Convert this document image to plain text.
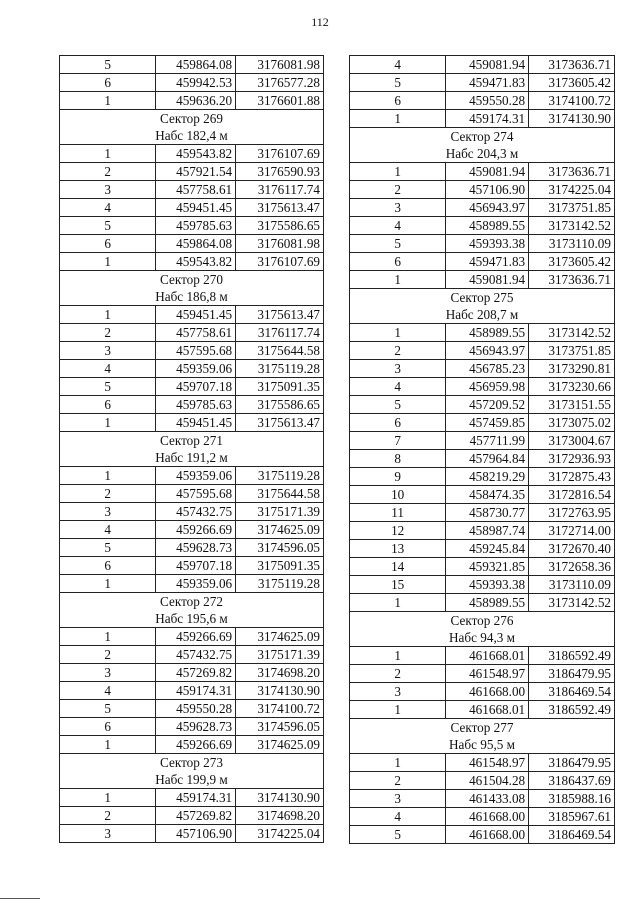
112
5	459864.08	3176081.98
6	459942.53	3176577.28
1	459636.20	3176601.88
Сектор 269		
Набс 182,4 м		
1	459543.82	3176107.69
2	457921.54	3176590.93
3	457758.61	3176117.74
4	459451.45	3175613.47
5	459785.63	3175586.65
6	459864.08	3176081.98
1	459543.82	3176107.69
Сектор 270		
Набс 186,8 м		
1	459451.45	3175613.47
2	457758.61	3176117.74
3	457595.68	3175644.58
4	459359.06	3175119.28
5	459707.18	3175091.35
6	459785.63	3175586.65
1	459451.45	3175613.47
Сектор 271		
Набс 191,2 м		
1	459359.06	3175119.28
2	457595.68	3175644.58
3	457432.75	3175171.39
4	459266.69	3174625.09
5	459628.73	3174596.05
6	459707.18	3175091.35
1	459359.06	3175119.28
Сектор 272		
Набс 195,6 м		
1	459266.69	3174625.09
2	457432.75	3175171.39
3	457269.82	3174698.20
4	459174.31	3174130.90
5	459550.28	3174100.72
6	459628.73	3174596.05
1	459266.69	3174625.09
Сектор 273		
Набс 199,9 м		
1	459174.31	3174130.90
2	457269.82	3174698.20
3	457106.90	3174225.04
4	459081.94	3173636.71
5	459471.83	3173605.42
6	459550.28	3174100.72
1	459174.31	3174130.90
Сектор 274		
Набс 204,3 м		
1	459081.94	3173636.71
2	457106.90	3174225.04
3	456943.97	3173751.85
4	458989.55	3173142.52
5	459393.38	3173110.09
6	459471.83	3173605.42
1	459081.94	3173636.71
Сектор 275		
Набс 208,7 м		
1	458989.55	3173142.52
2	456943.97	3173751.85
3	456785.23	3173290.81
4	456959.98	3173230.66
5	457209.52	3173151.55
6	457459.85	3173075.02
7	457711.99	3173004.67
8	457964.84	3172936.93
9	458219.29	3172875.43
10	458474.35	3172816.54
11	458730.77	3172763.95
12	458987.74	3172714.00
13	459245.84	3172670.40
14	459321.85	3172658.36
15	459393.38	3173110.09
1	458989.55	3173142.52
Сектор 276		
Набс 94,3 м		
1	461668.01	3186592.49
2	461548.97	3186479.95
3	461668.00	3186469.54
1	461668.01	3186592.49
Сектор 277		
Набс 95,5 м		
1	461548.97	3186479.95
2	461504.28	3186437.69
3	461433.08	3185988.16
4	461668.00	3185967.61
5	461668.00	3186469.54
